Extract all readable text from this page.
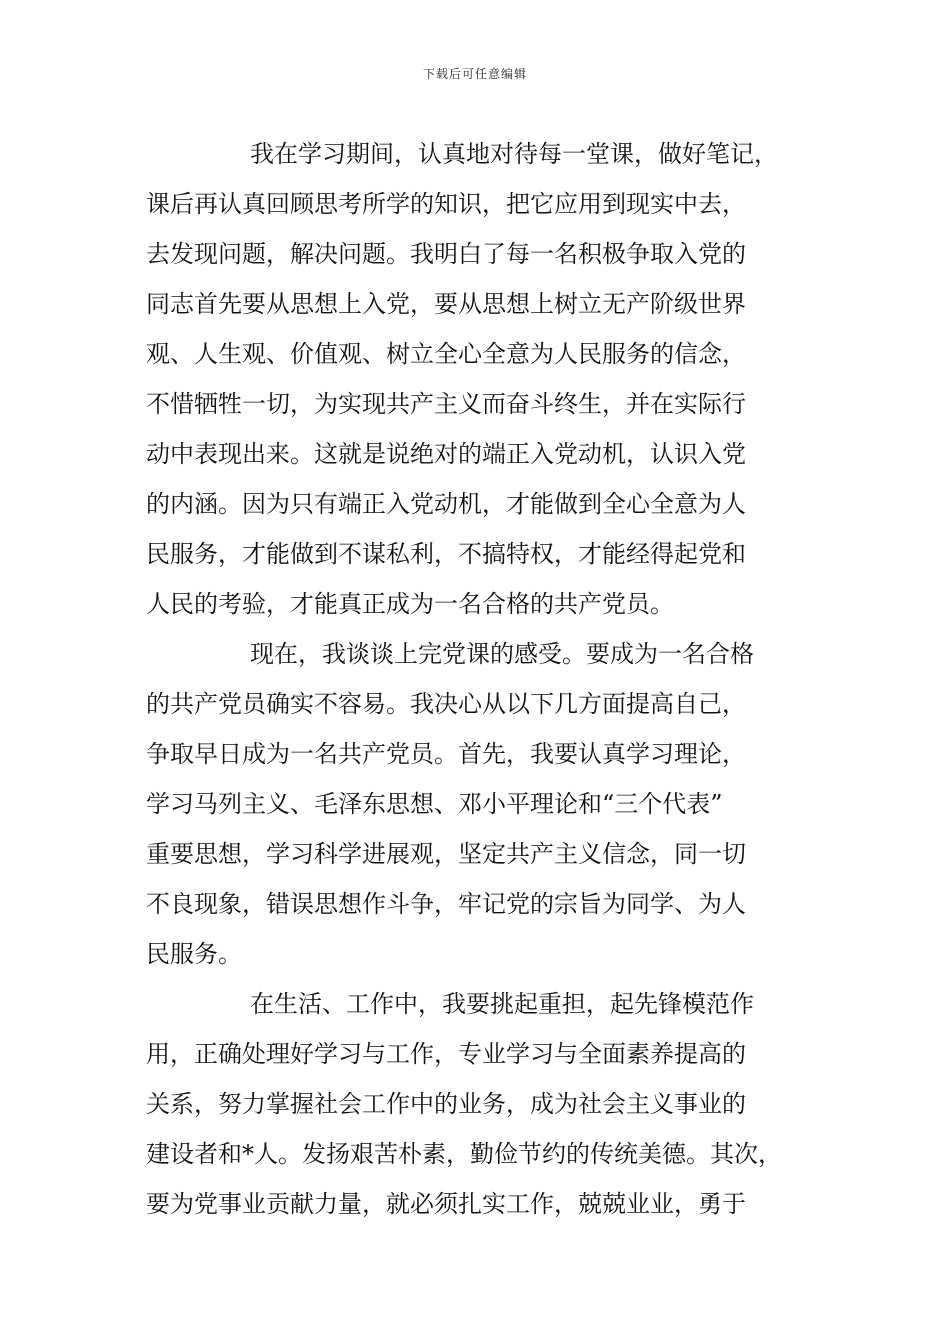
下载后可任意编辑
我在学习期间，认真地对待每一堂课，做好笔记，
课后再认真回顾思考所学的知识，把它应用到现实中去，
去发现问题，解决问题。我明白了每一名积极争取入党的
同志首先要从思想上入党，要从思想上树立无产阶级世界
观、人生观、价值观、树立全心全意为人民服务的信念，
不惜牺牲一切，为实现共产主义而奋斗终生，并在实际行
动中表现出来。这就是说绝对的端正入党动机，认识入党
的内涵。因为只有端正入党动机，才能做到全心全意为人
民服务，才能做到不谋私利，不搞特权，才能经得起党和
人民的考验，才能真正成为一名合格的共产党员。
现在，我谈谈上完党课的感受。要成为一名合格
的共产党员确实不容易。我决心从以下几方面提高自己，
争取早日成为一名共产党员。首先，我要认真学习理论，
学习马列主义、毛泽东思想、邓小平理论和“三个代表”
重要思想，学习科学进展观，坚定共产主义信念，同一切
不良现象，错误思想作斗争，牢记党的宗旨为同学、为人
民服务。
在生活、工作中，我要挑起重担，起先锋模范作
用，正确处理好学习与工作，专业学习与全面素养提高的
关系，努力掌握社会工作中的业务，成为社会主义事业的
建设者和*人。发扬艰苦朴素，勤俭节约的传统美德。其次，
要为党事业贡献力量，就必须扎实工作，兢兢业业，勇于
